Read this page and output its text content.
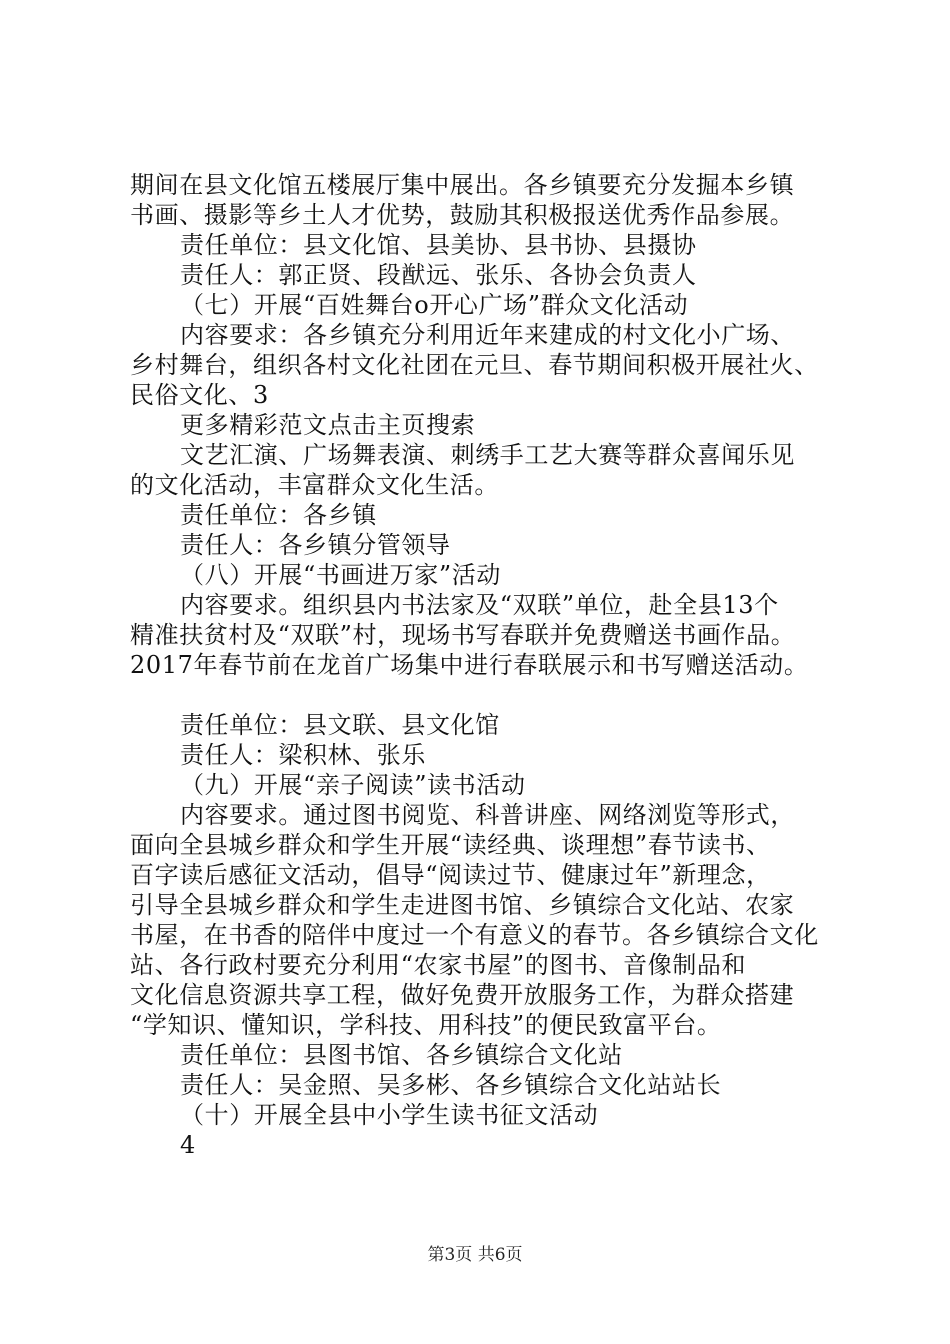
期间在县文化馆五楼展厅集中展出。各乡镇要充分发掘本乡镇
书画、摄影等乡土人才优势，鼓励其积极报送优秀作品参展。
责任单位：县文化馆、县美协、县书协、县摄协
责任人：郭正贤、段猷远、张乐、各协会负责人
（七）开展“百姓舞台o开心广场”群众文化活动
内容要求：各乡镇充分利用近年来建成的村文化小广场、
乡村舞台，组织各村文化社团在元旦、春节期间积极开展社火、
民俗文化、3
更多精彩范文点击主页搜索
文艺汇演、广场舞表演、刺绣手工艺大赛等群众喜闻乐见
的文化活动，丰富群众文化生活。
责任单位：各乡镇
责任人：各乡镇分管领导
（八）开展“书画进万家”活动
内容要求。组织县内书法家及“双联”单位，赴全县13个
精准扶贫村及“双联”村，现场书写春联并免费赠送书画作品。
2017年春节前在龙首广场集中进行春联展示和书写赠送活动。
责任单位：县文联、县文化馆
责任人：梁积林、张乐
（九）开展“亲子阅读”读书活动
内容要求。通过图书阅览、科普讲座、网络浏览等形式，
面向全县城乡群众和学生开展“读经典、谈理想”春节读书、
百字读后感征文活动，倡导“阅读过节、健康过年”新理念，
引导全县城乡群众和学生走进图书馆、乡镇综合文化站、农家
书屋，在书香的陪伴中度过一个有意义的春节。各乡镇综合文化
站、各行政村要充分利用“农家书屋”的图书、音像制品和
文化信息资源共享工程，做好免费开放服务工作，为群众搭建
“学知识、懂知识，学科技、用科技”的便民致富平台。
责任单位：县图书馆、各乡镇综合文化站
责任人：吴金照、吴多彬、各乡镇综合文化站站长
（十）开展全县中小学生读书征文活动
4
第3页 共6页
